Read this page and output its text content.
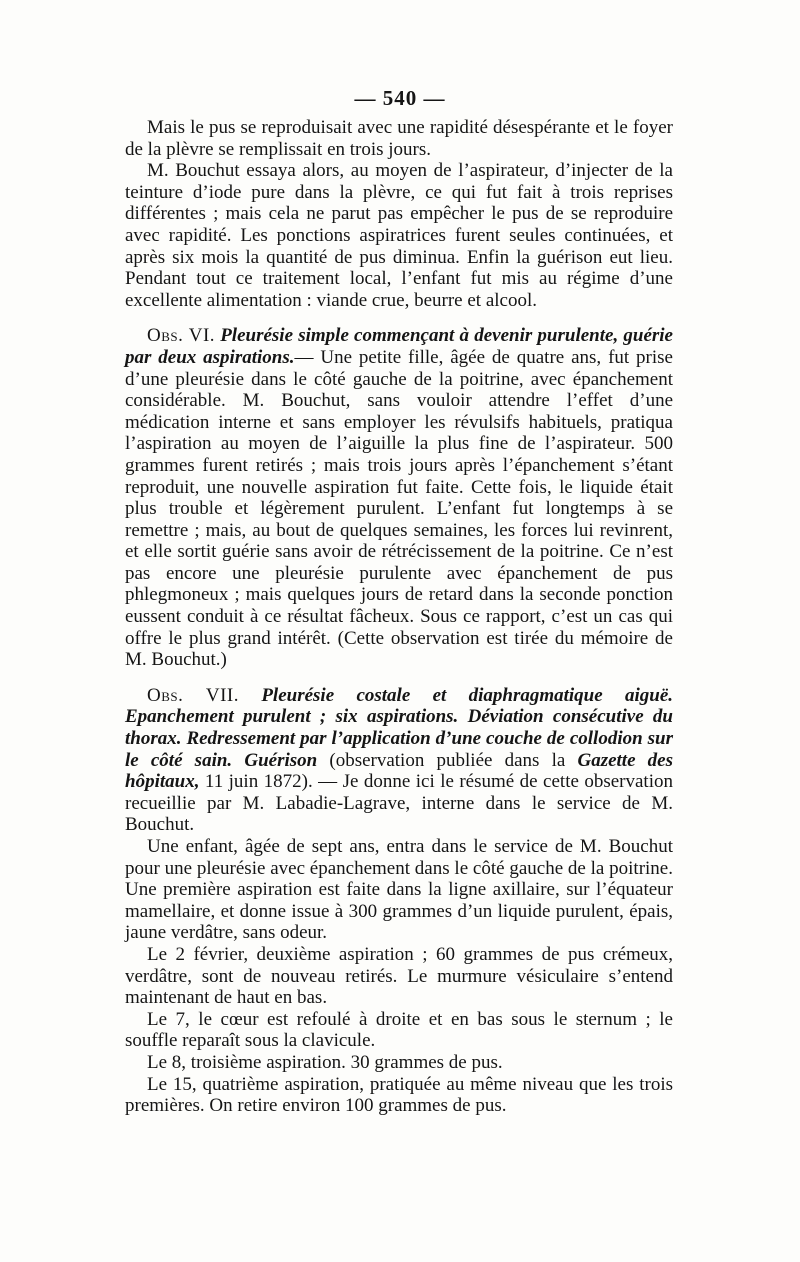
— 540 —

Mais le pus se reproduisait avec une rapidité désespérante et le foyer de la plèvre se remplissait en trois jours.

M. Bouchut essaya alors, au moyen de l’aspirateur, d’injecter de la teinture d’iode pure dans la plèvre, ce qui fut fait à trois reprises différentes ; mais cela ne parut pas empêcher le pus de se reproduire avec rapidité. Les ponctions aspiratrices furent seules continuées, et après six mois la quantité de pus diminua. Enfin la guérison eut lieu. Pendant tout ce traitement local, l’enfant fut mis au régime d’une excellente alimentation : viande crue, beurre et alcool.

Obs. VI. Pleurésie simple commençant à devenir purulente, guérie par deux aspirations.— Une petite fille, âgée de quatre ans, fut prise d’une pleurésie dans le côté gauche de la poitrine, avec épanchement considérable. M. Bouchut, sans vouloir attendre l’effet d’une médication interne et sans employer les révulsifs habituels, pratiqua l’aspiration au moyen de l’aiguille la plus fine de l’aspirateur. 500 grammes furent retirés ; mais trois jours après l’épanchement s’étant reproduit, une nouvelle aspiration fut faite. Cette fois, le liquide était plus trouble et légèrement purulent. L’enfant fut longtemps à se remettre ; mais, au bout de quelques semaines, les forces lui revinrent, et elle sortit guérie sans avoir de rétrécissement de la poitrine. Ce n’est pas encore une pleurésie purulente avec épanchement de pus phlegmoneux ; mais quelques jours de retard dans la seconde ponction eussent conduit à ce résultat fâcheux. Sous ce rapport, c’est un cas qui offre le plus grand intérêt. (Cette observation est tirée du mémoire de M. Bouchut.)

Obs. VII. Pleurésie costale et diaphragmatique aiguë. Epanchement purulent ; six aspirations. Déviation consécutive du thorax. Redressement par l’application d’une couche de collodion sur le côté sain. Guérison (observation publiée dans la Gazette des hôpitaux, 11 juin 1872). — Je donne ici le résumé de cette observation recueillie par M. Labadie-Lagrave, interne dans le service de M. Bouchut.

Une enfant, âgée de sept ans, entra dans le service de M. Bouchut pour une pleurésie avec épanchement dans le côté gauche de la poitrine. Une première aspiration est faite dans la ligne axillaire, sur l’équateur mamellaire, et donne issue à 300 grammes d’un liquide purulent, épais, jaune verdâtre, sans odeur.

Le 2 février, deuxième aspiration ; 60 grammes de pus crémeux, verdâtre, sont de nouveau retirés. Le murmure vésiculaire s’entend maintenant de haut en bas.

Le 7, le cœur est refoulé à droite et en bas sous le sternum ; le souffle reparaît sous la clavicule.

Le 8, troisième aspiration. 30 grammes de pus.

Le 15, quatrième aspiration, pratiquée au même niveau que les trois premières. On retire environ 100 grammes de pus.
